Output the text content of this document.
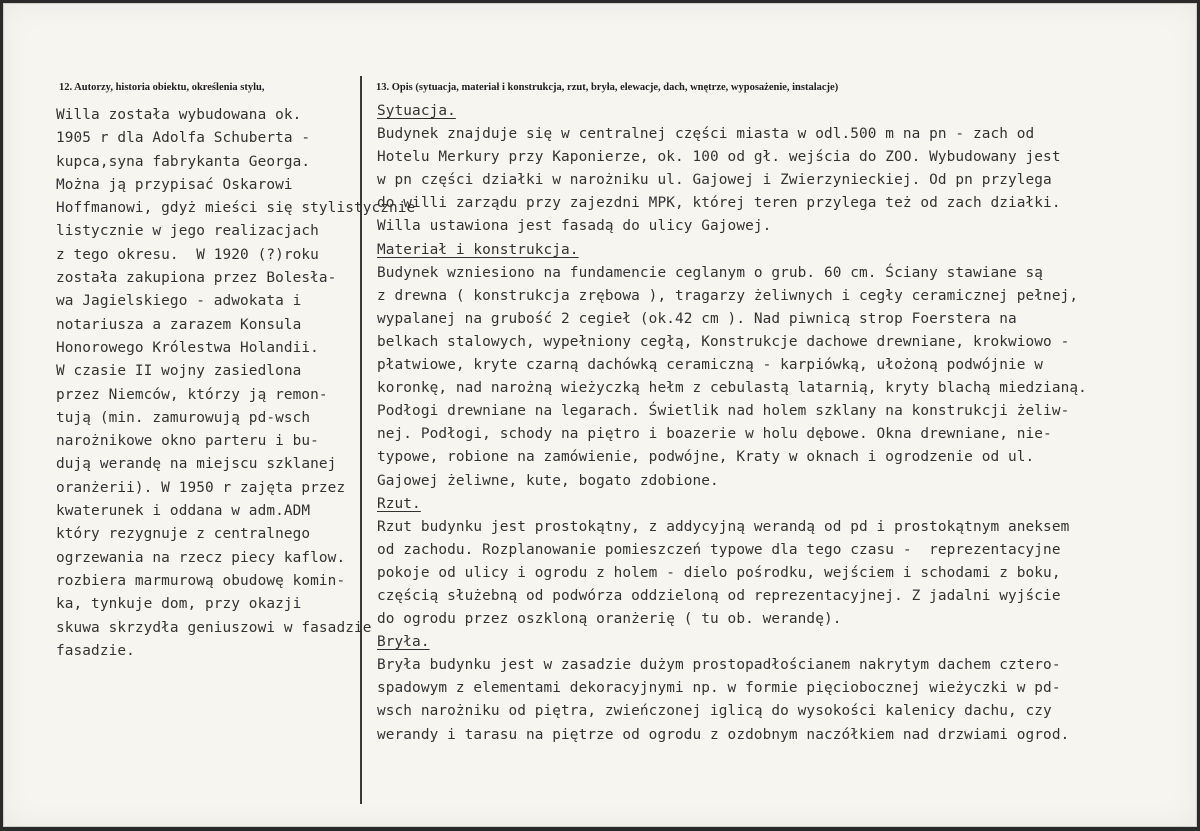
12. Autorzy, historia obiektu, określenia stylu,	13. Opis (sytuacja, materiał i konstrukcja, rzut, bryła, elewacje, dach, wnętrze, wyposażenie, instalacje)
Willa została wybudowana ok.
1905 r dla Adolfa Schuberta -
kupca,syna fabrykanta Georga.
Można ją przypisać Oskarowi
Hoffmanowi, gdyż mieści się stylistycznie
listycznie w jego realizacjach
z tego okresu.  W 1920 (?)roku
została zakupiona przez Bolesła-
wa Jagielskiego - adwokata i
notariusza a zarazem Konsula
Honorowego Królestwa Holandii.
W czasie II wojny zasiedlona
przez Niemców, którzy ją remon-
tują (min. zamurowują pd-wsch
narożnikowe okno parteru i bu-
dują werandę na miejscu szklanej
oranżerii). W 1950 r zajęta przez
kwaterunek i oddana w adm.ADM
który rezygnuje z centralnego
ogrzewania na rzecz piecy kaflow.
rozbiera marmurową obudowę komin-
ka, tynkuje dom, przy okazji
skuwa skrzydła geniuszowi w fasadzie
fasadzie.
Sytuacja.
Budynek znajduje się w centralnej części miasta w odl.500 m na pn - zach od
Hotelu Merkury przy Kaponierze, ok. 100 od gł. wejścia do ZOO. Wybudowany jest
w pn części działki w narożniku ul. Gajowej i Zwierzynieckiej. Od pn przylega
do willi zarządu przy zajezdni MPK, której teren przylega też od zach działki.
Willa ustawiona jest fasadą do ulicy Gajowej.
Materiał i konstrukcja.
Budynek wzniesiono na fundamencie ceglanym o grub. 60 cm. Ściany stawiane są
z drewna ( konstrukcja zrębowa ), tragarzy żeliwnych i cegły ceramicznej pełnej,
wypalanej na grubość 2 cegieł (ok.42 cm ). Nad piwnicą strop Foerstera na
belkach stalowych, wypełniony cegłą, Konstrukcje dachowe drewniane, krokwiowo -
płatwiowe, kryte czarną dachówką ceramiczną - karpiówką, ułożoną podwójnie w
koronkę, nad narożną wieżyczką hełm z cebulastą latarnią, kryty blachą miedzianą.
Podłogi drewniane na legarach. Świetlik nad holem szklany na konstrukcji żeliw-
nej. Podłogi, schody na piętro i boazerie w holu dębowe. Okna drewniane, nie-
typowe, robione na zamówienie, podwójne, Kraty w oknach i ogrodzenie od ul.
Gajowej żeliwne, kute, bogato zdobione.
Rzut.
Rzut budynku jest prostokątny, z addycyjną werandą od pd i prostokątnym aneksem
od zachodu. Rozplanowanie pomieszczeń typowe dla tego czasu -  reprezentacyjne
pokoje od ulicy i ogrodu z holem - dielo pośrodku, wejściem i schodami z boku,
częścią służebną od podwórza oddzieloną od reprezentacyjnej. Z jadalni wyjście
do ogrodu przez oszkloną oranżerię ( tu ob. werandę).
Bryła.
Bryła budynku jest w zasadzie dużym prostopadłościanem nakrytym dachem cztero-
spadowym z elementami dekoracyjnymi np. w formie pięciobocznej wieżyczki w pd-
wsch narożniku od piętra, zwieńczonej iglicą do wysokości kalenicy dachu, czy
werandy i tarasu na piętrze od ogrodu z ozdobnym naczółkiem nad drzwiami ogrod.
